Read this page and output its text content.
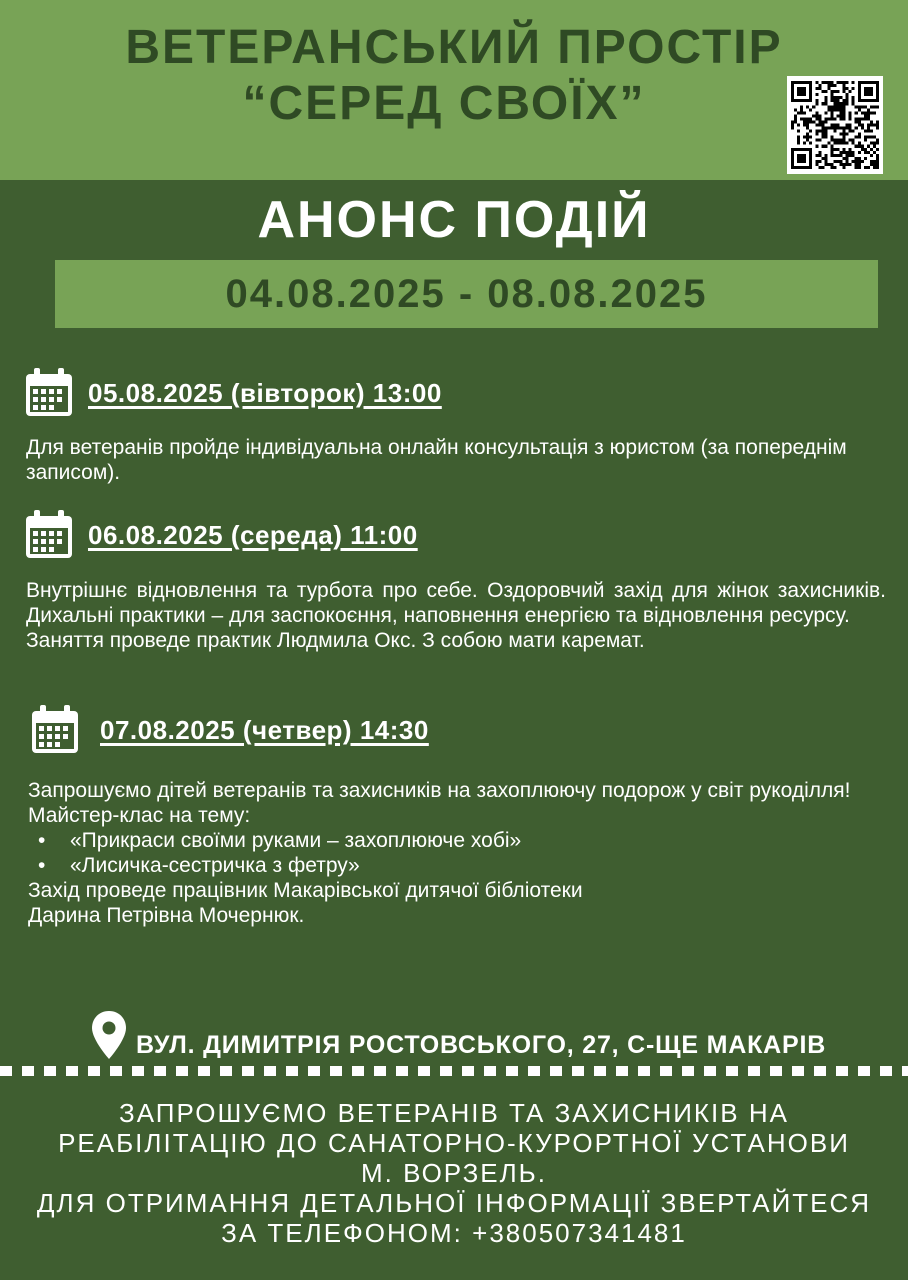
ВЕТЕРАНСЬКИЙ ПРОСТІР
“СЕРЕД СВОЇХ”
АНОНС ПОДІЙ
04.08.2025 - 08.08.2025
05.08.2025 (вівторок) 13:00

Для ветеранів пройде індивідуальна онлайн консультація з юристом (за попереднім записом).

06.08.2025 (середа) 11:00

Внутрішнє відновлення та турбота про себе. Оздоровчий захід для жінок захисників. Дихальні практики – для заспокоєння, наповнення енергією та відновлення ресурсу.

Заняття проведе практик Людмила Окс. З собою мати каремат.

07.08.2025 (четвер) 14:30

Запрошуємо дітей ветеранів та захисників на захоплюючу подорож у світ рукоділля!

Майстер-клас на тему:

• «Прикраси своїми руками – захоплююче хобі»
• «Лисичка-сестричка з фетру»

Захід проведе працівник Макарівської дитячої бібліотеки

Дарина Петрівна Мочернюк.

ВУЛ. ДИМИТРІЯ РОСТОВСЬКОГО, 27, С-ЩЕ МАКАРІВ
ЗАПРОШУЄМО ВЕТЕРАНІВ ТА ЗАХИСНИКІВ НА
РЕАБІЛІТАЦІЮ ДО САНАТОРНО-КУРОРТНОЇ УСТАНОВИ
М. ВОРЗЕЛЬ.
ДЛЯ ОТРИМАННЯ ДЕТАЛЬНОЇ ІНФОРМАЦІЇ ЗВЕРТАЙТЕСЯ
ЗА ТЕЛЕФОНОМ: +380507341481
